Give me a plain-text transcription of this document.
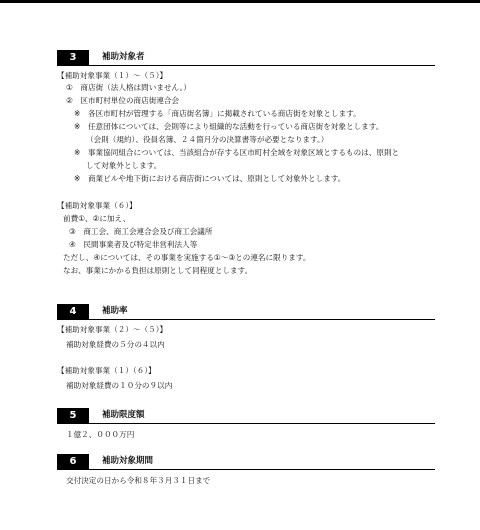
3	補助対象者
【補助対象事業（１）～（５）】
①　商店街（法人格は問いません。）
②　区市町村単位の商店街連合会
※　各区市町村が管理する「商店街名簿」に掲載されている商店街を対象とします。
※　任意団体については、会則等により組織的な活動を行っている商店街を対象とします。
（会則（規約）、役員名簿、２４箇月分の決算書等が必要となります。）
※　事業協同組合については、当該組合が存する区市町村全域を対象区域とするものは、原則と
して対象外とします。
※　商業ビルや地下街における商店街については、原則として対象外とします。
【補助対象事業（６）】
前費①、②に加え、
③　商工会、商工会連合会及び商工会議所
④　民間事業者及び特定非営利法人等
ただし、④については、その事業を実施する①～③との連名に限ります。
なお、事業にかかる負担は原則として同程度とします。
4	補助率
【補助対象事業（２）～（５）】
補助対象経費の５分の４以内
【補助対象事業（１）（６）】
補助対象経費の１０分の９以内
5	補助限度額
１億２、０００万円
6	補助対象期間
交付決定の日から令和８年３月３１日まで
